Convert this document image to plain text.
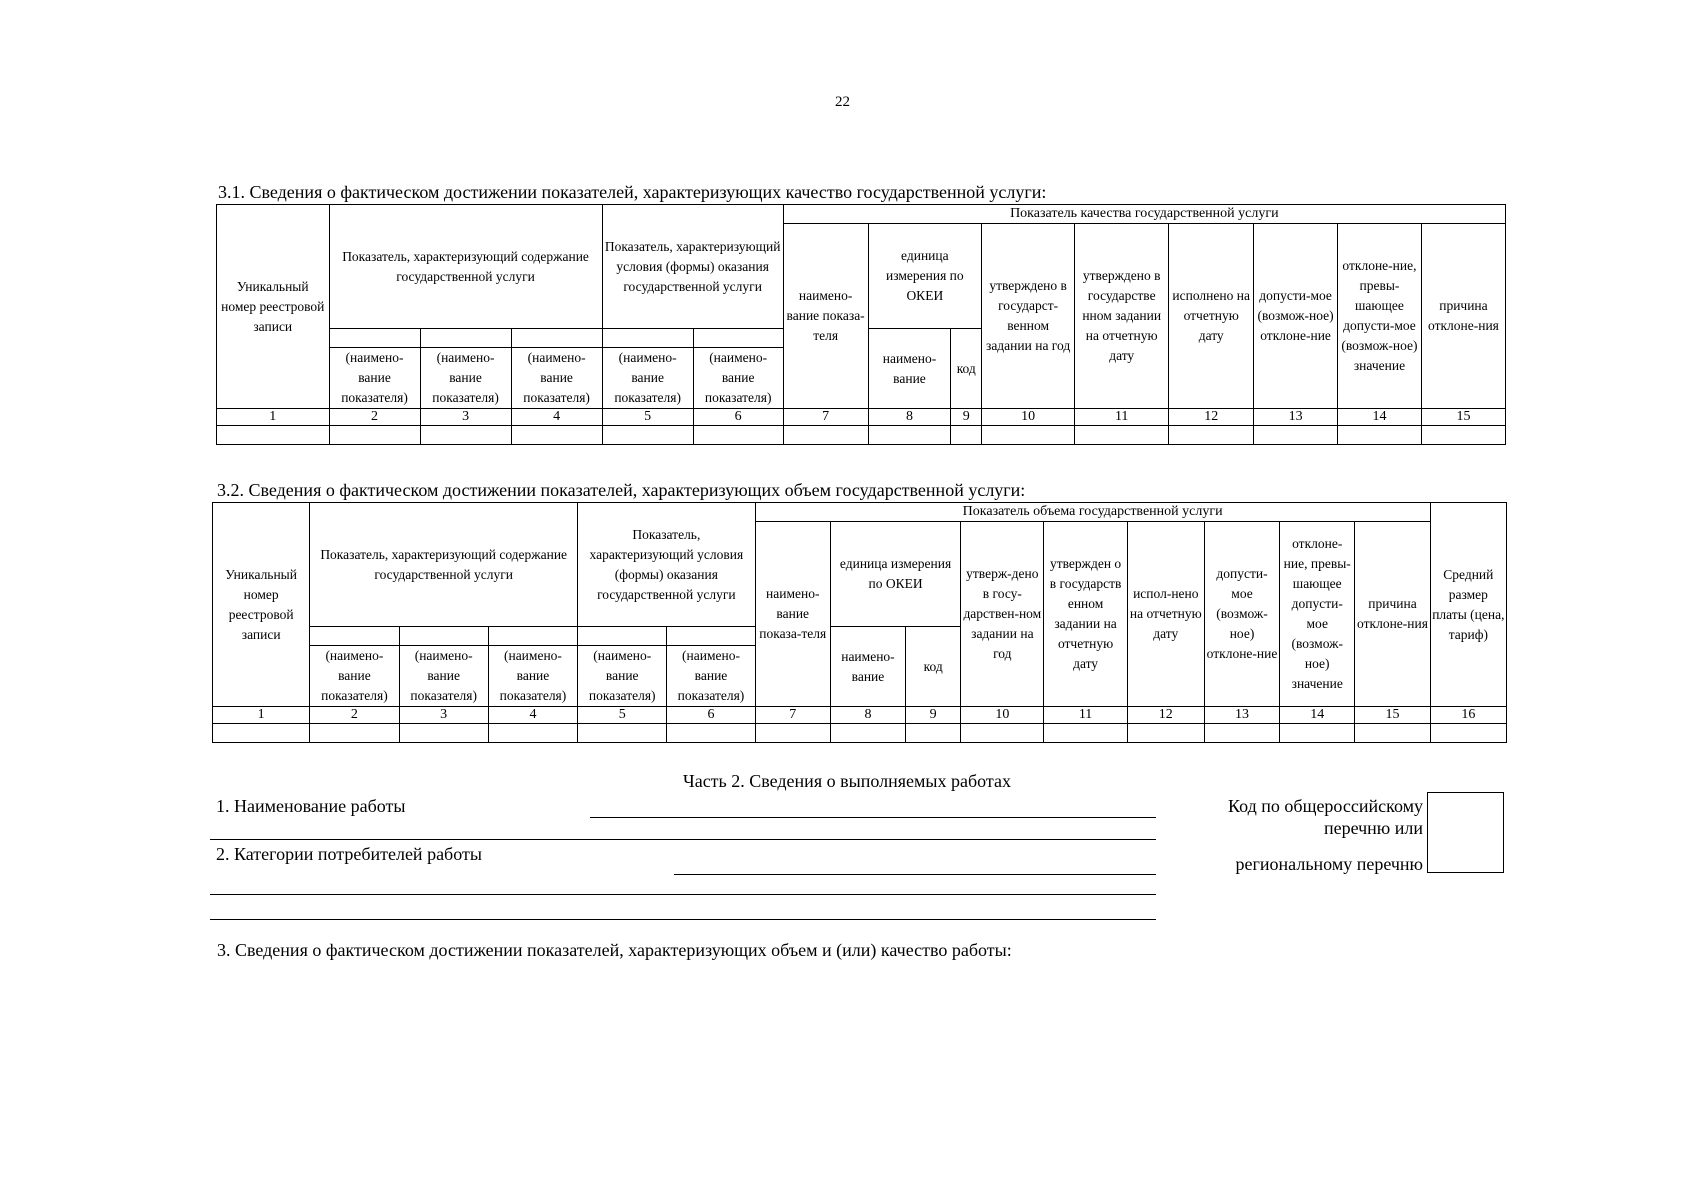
22
3.1. Сведения о фактическом достижении показателей, характеризующих качество государственной услуги:
Уникальный номер реестровой записи	Показатель, характеризующий содержание государственной услуги			Показатель, характеризующий условия (формы) оказания государственной услуги		Показатель качества государственной услуги								
						наимено-вание показа-теля	единица измерения по ОКЕИ		утверждено в государст-венном задании на год	утверждено в государстве нном задании на отчетную дату	исполнено на отчетную дату	допусти-мое (возмож-ное) отклоне-ние	отклоне-ние, превы-шающее допусти-мое (возмож-ное) значение	причина отклоне-ния
							наимено-вание	код						
	(наимено-вание показателя)	(наимено-вание показателя)	(наимено-вание показателя)	(наимено-вание показателя)	(наимено-вание показателя)									
1	2	3	4	5	6	7	8	9	10	11	12	13	14	15

3.2. Сведения о фактическом достижении показателей, характеризующих объем государственной услуги:
Уникальный номер реестровой записи	Показатель, характеризующий содержание государственной услуги			Показатель, характеризующий условия (формы) оказания государственной услуги		Показатель объема государственной услуги									Средний размер платы (цена, тариф)
						наимено-вание показа-теля	единица измерения по ОКЕИ		утверж-дено в госу-дарствен-ном задании на год	утвержден о в государств енном задании на отчетную дату	испол-нено на отчетную дату	допусти-мое (возмож-ное) отклоне-ние	отклоне-ние, превы-шающее допусти-мое (возмож-ное) значение	причина отклоне-ния	
							наимено-вание	код							
	(наимено-вание показателя)	(наимено-вание показателя)	(наимено-вание показателя)	(наимено-вание показателя)	(наимено-вание показателя)										
1	2	3	4	5	6	7	8	9	10	11	12	13	14	15	16

Часть 2. Сведения о выполняемых работах
1. Наименование работы
2. Категории потребителей работы
Код по общероссийскому
перечню или
региональному перечню
3. Сведения о фактическом достижении показателей, характеризующих объем и (или) качество работы:
